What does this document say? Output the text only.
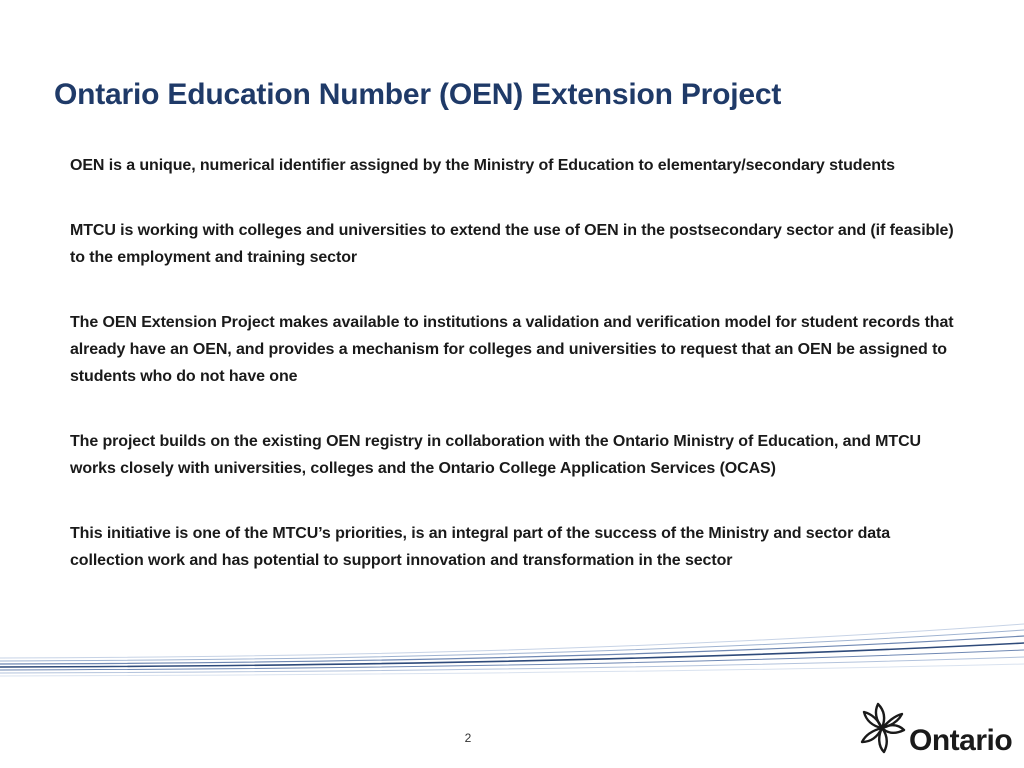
Ontario Education Number (OEN) Extension Project
OEN is a unique, numerical identifier assigned by the Ministry of Education to elementary/secondary students
MTCU is working with colleges and universities to extend the use of OEN in the postsecondary sector and (if feasible) to the employment and training sector
The OEN Extension Project makes available to institutions a validation and verification model for student records that already have an OEN, and provides a mechanism for colleges and universities to request that an OEN be assigned to students who do not have one
The project builds on the existing OEN registry in collaboration with the Ontario Ministry of Education, and MTCU works closely with universities, colleges and the Ontario College Application Services (OCAS)
This initiative is one of the MTCU’s priorities, is an integral part of the success of the Ministry and sector data collection work and has potential to support innovation and transformation in the sector
2	Ontario
